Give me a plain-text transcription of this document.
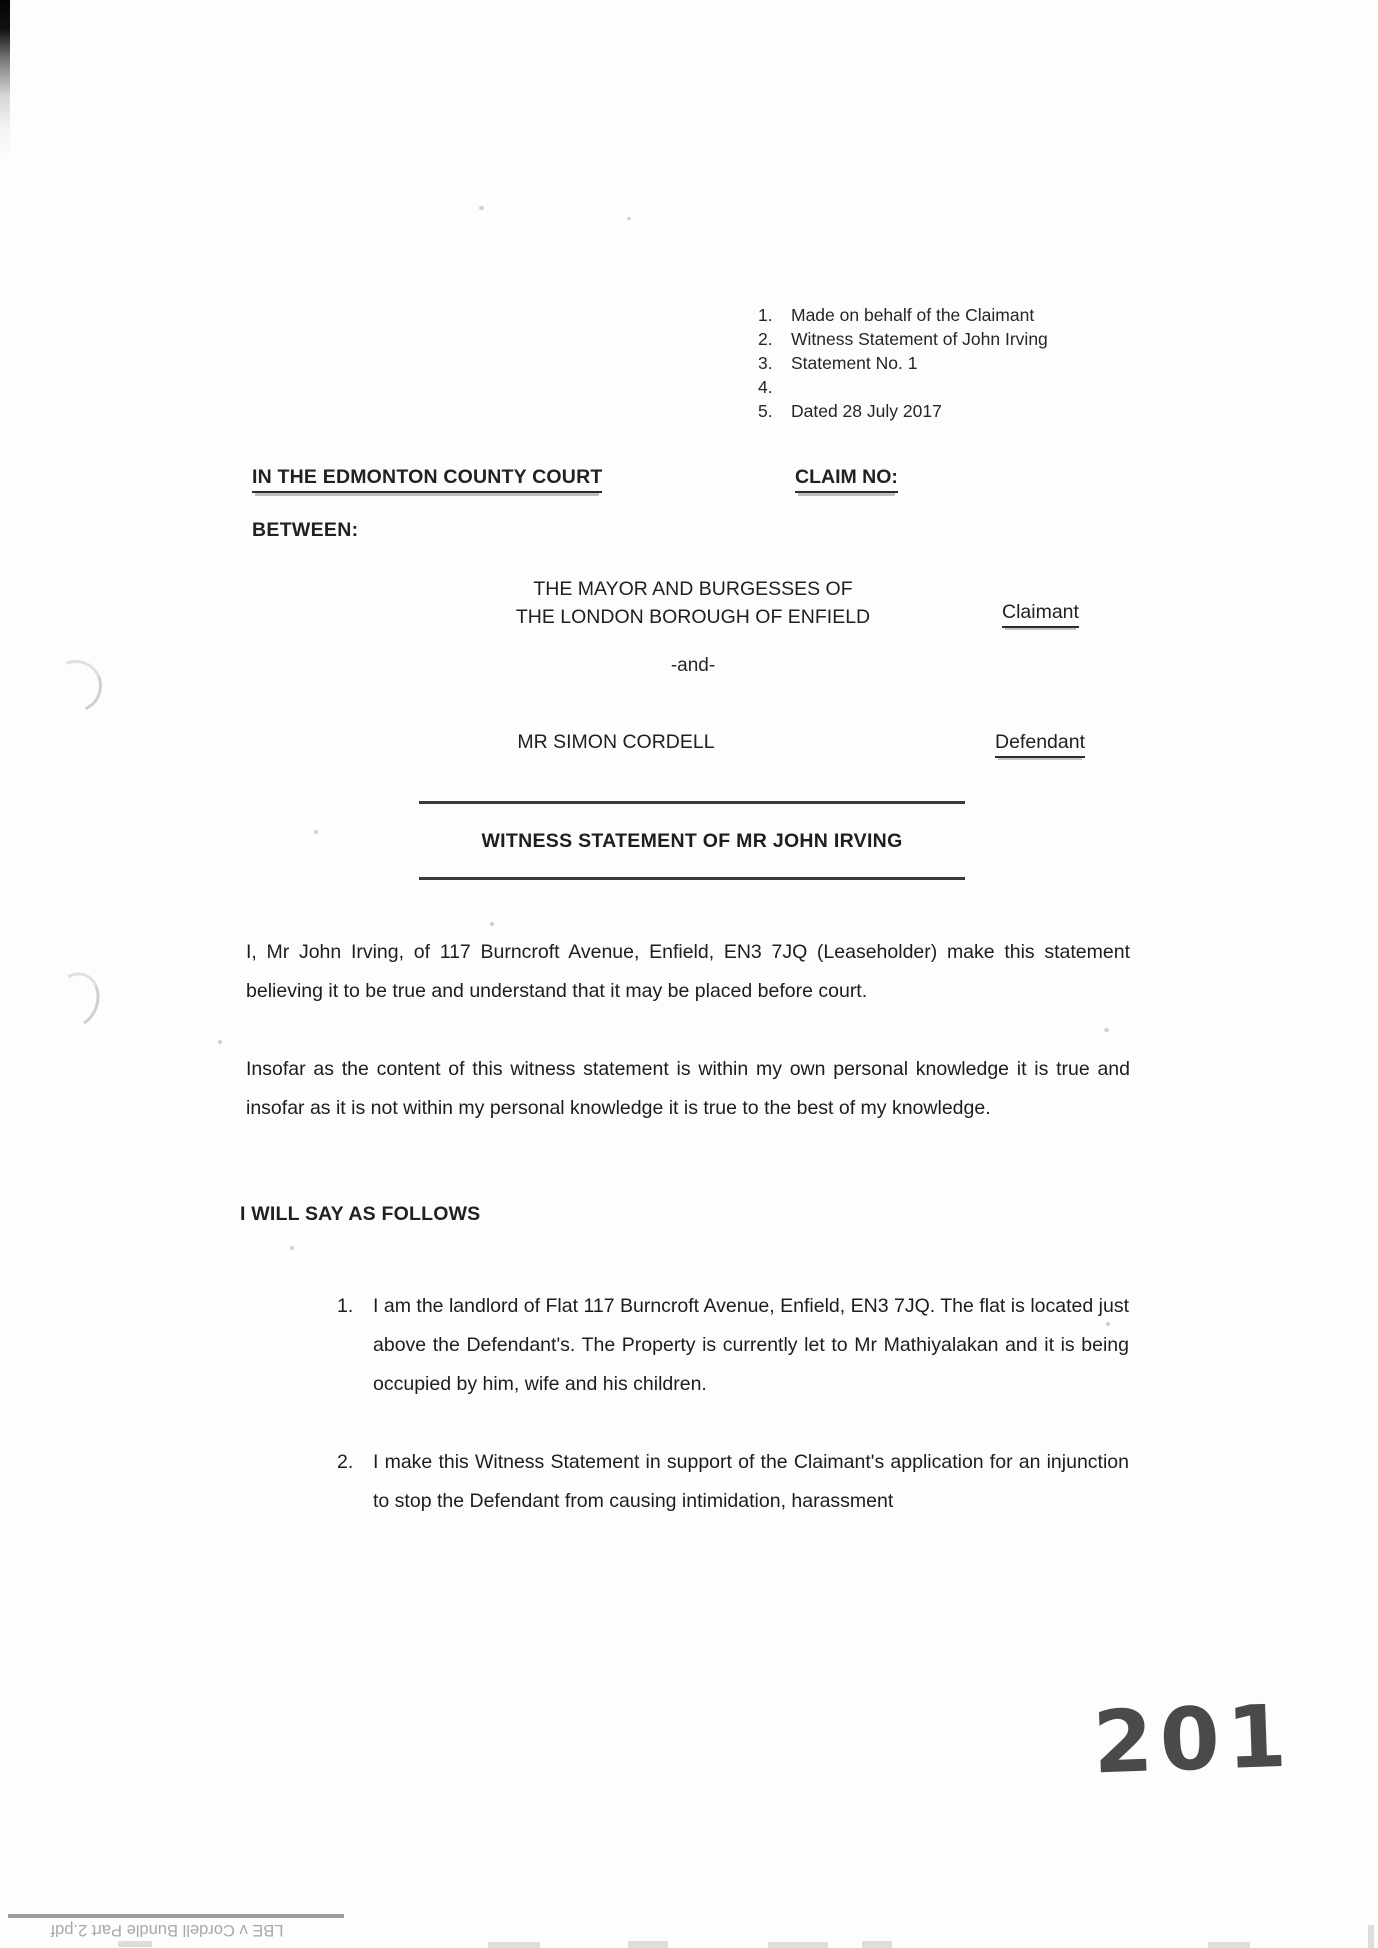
1.	Made on behalf of the Claimant
2.	Witness Statement of John Irving
3.	Statement No. 1
4.
5.	Dated 28 July 2017
IN THE EDMONTON COUNTY COURT	CLAIM NO:
BETWEEN:
THE MAYOR AND BURGESSES OF
THE LONDON BOROUGH OF ENFIELD	Claimant
-and-
MR SIMON CORDELL	Defendant
WITNESS STATEMENT OF MR JOHN IRVING
I, Mr John Irving, of 117 Burncroft Avenue, Enfield, EN3 7JQ (Leaseholder) make this statement believing it to be true and understand that it may be placed before court.
Insofar as the content of this witness statement is within my own personal knowledge it is true and insofar as it is not within my personal knowledge it is true to the best of my knowledge.
I WILL SAY AS FOLLOWS
1.	I am the landlord of Flat 117 Burncroft Avenue, Enfield, EN3 7JQ. The flat is located just above the Defendant's. The Property is currently let to Mr Mathiyalakan and it is being occupied by him, wife and his children.
2.	I make this Witness Statement in support of the Claimant's application for an injunction to stop the Defendant from causing intimidation, harassment
201
LBE v Cordell Bundle Part 2.pdf
